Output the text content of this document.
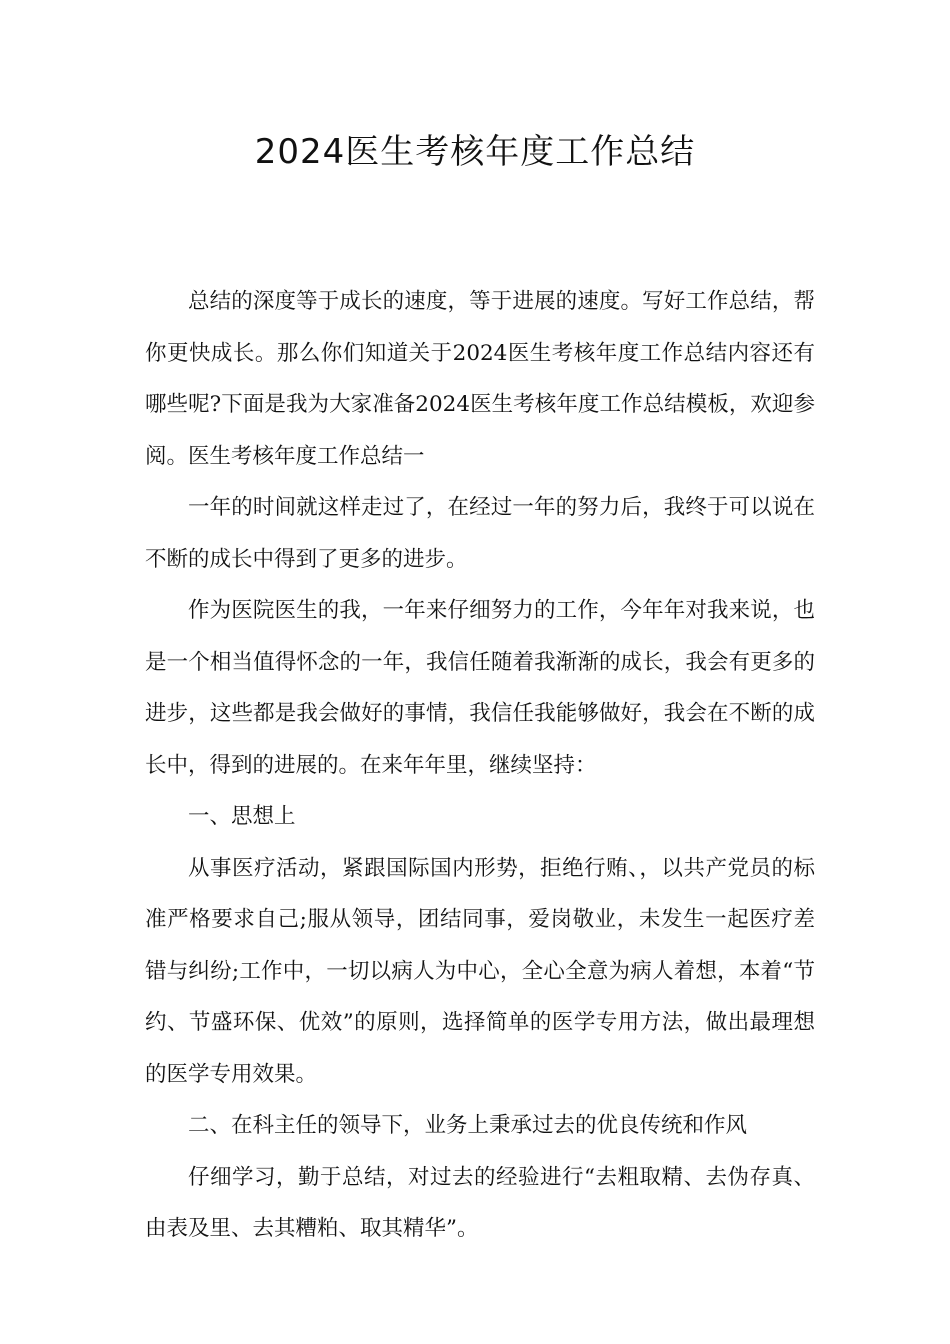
2024医生考核年度工作总结

总结的深度等于成长的速度，等于进展的速度。写好工作总结，帮你更快成长。那么你们知道关于2024医生考核年度工作总结内容还有哪些呢?下面是我为大家准备2024医生考核年度工作总结模板，欢迎参阅。医生考核年度工作总结一

一年的时间就这样走过了，在经过一年的努力后，我终于可以说在不断的成长中得到了更多的进步。

作为医院医生的我，一年来仔细努力的工作，今年年对我来说，也是一个相当值得怀念的一年，我信任随着我渐渐的成长，我会有更多的进步，这些都是我会做好的事情，我信任我能够做好，我会在不断的成长中，得到的进展的。在来年年里，继续坚持：

一、思想上

从事医疗活动，紧跟国际国内形势，拒绝行贿、，以共产党员的标准严格要求自己;服从领导，团结同事，爱岗敬业，未发生一起医疗差错与纠纷;工作中，一切以病人为中心，全心全意为病人着想，本着“节约、节盛环保、优效”的原则，选择简单的医学专用方法，做出最理想的医学专用效果。

二、在科主任的领导下，业务上秉承过去的优良传统和作风

仔细学习，勤于总结，对过去的经验进行“去粗取精、去伪存真、由表及里、去其糟粕、取其精华”。
